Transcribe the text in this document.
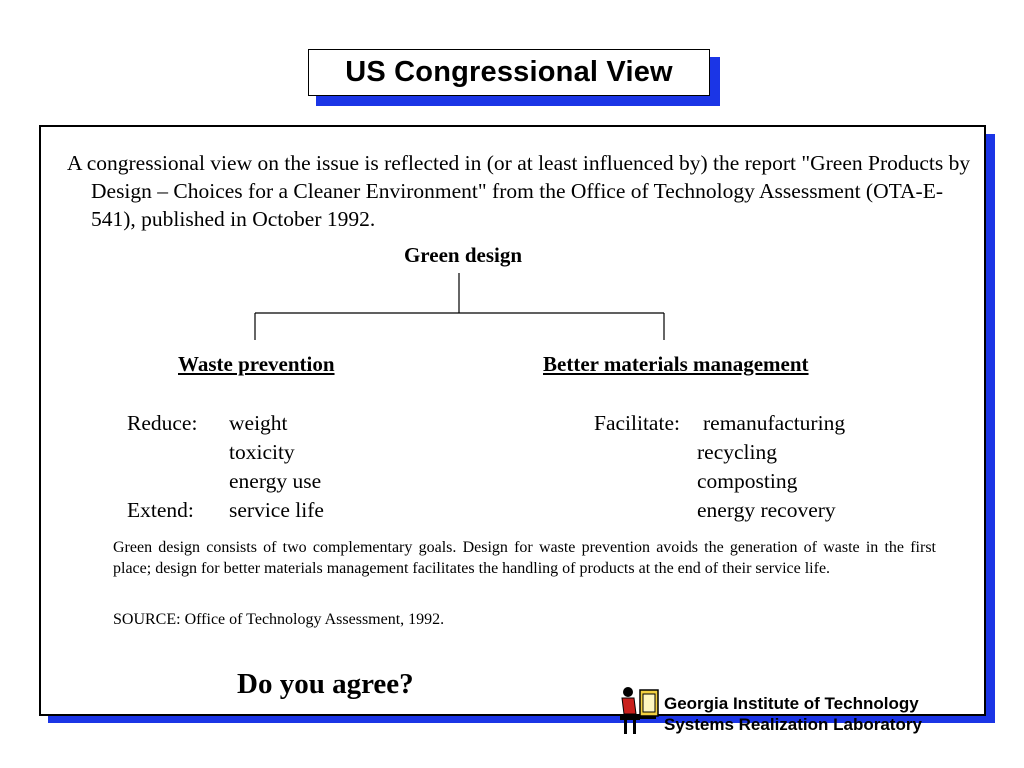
US Congressional View
A congressional view on the issue is reflected in (or at least influenced by) the report "Green Products by Design – Choices for a Cleaner Environment" from the Office of Technology Assessment (OTA-E-541), published in October 1992.
Green design
Waste prevention	Better materials management
Reduce: weight
toxicity
energy use
Extend: service life
Facilitate: remanufacturing
recycling
composting
energy recovery
Green design consists of two complementary goals. Design for waste prevention avoids the generation of waste in the first place; design for better materials management facilitates the handling of products at the end of their service life.
SOURCE: Office of Technology Assessment, 1992.
Do you agree?
Georgia Institute of Technology
Systems Realization Laboratory
